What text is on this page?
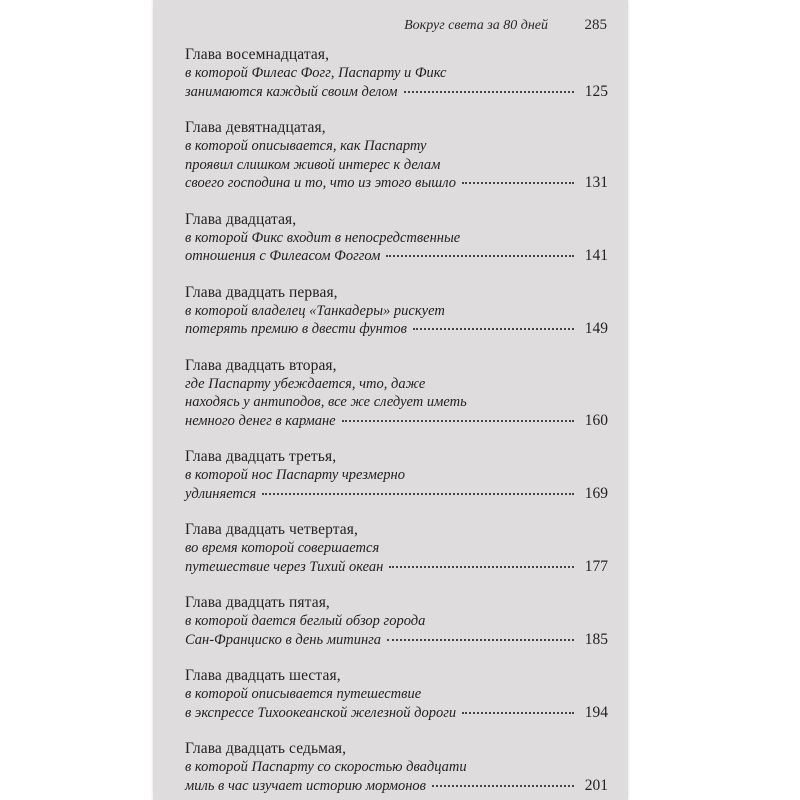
Вокруг света за 80 дней 285
Глава восемнадцатая,
в которой Филеас Фогг, Паспарту и Фикс
занимаются каждый своим делом	125
Глава девятнадцатая,
в которой описывается, как Паспарту
проявил слишком живой интерес к делам
своего господина и то, что из этого вышло	131
Глава двадцатая,
в которой Фикс входит в непосредственные
отношения с Филеасом Фоггом	141
Глава двадцать первая,
в которой владелец «Танкадеры» рискует
потерять премию в двести фунтов	149
Глава двадцать вторая,
где Паспарту убеждается, что, даже
находясь у антиподов, все же следует иметь
немного денег в кармане	160
Глава двадцать третья,
в которой нос Паспарту чрезмерно
удлиняется	169
Глава двадцать четвертая,
во время которой совершается
путешествие через Тихий океан	177
Глава двадцать пятая,
в которой дается беглый обзор города
Сан-Франциско в день митинга	185
Глава двадцать шестая,
в которой описывается путешествие
в экспрессе Тихоокеанской железной дороги	194
Глава двадцать седьмая,
в которой Паспарту со скоростью двадцати
миль в час изучает историю мормонов	201
